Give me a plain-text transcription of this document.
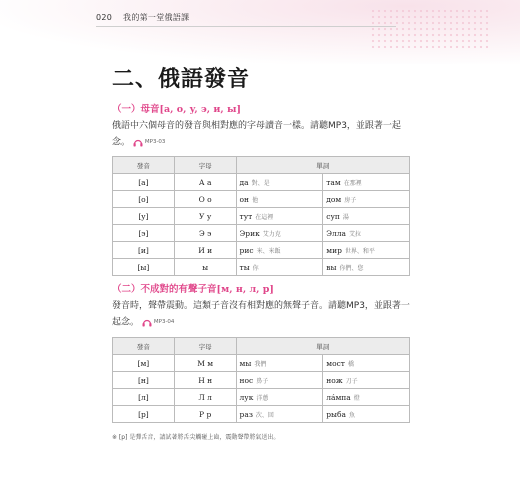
020 我的第一堂俄語課
二、俄語發音
（一）母音[a, o, y, э, и, ы]
俄語中六個母音的發音與相對應的字母讀音一樣。請聽MP3，並跟著一起
念。	MP3-03
發音	字母	單詞	
[a]	А а	да 對、是	там 在那裡
[o]	О о	он 他	дом 房子
[y]	У у	тут 在這裡	суп 湯
[э]	Э э	Эрик 艾力克	Элла 艾拉
[и]	И и	рис 米、米飯	мир 世界、和平
[ы]	ы	ты 你	вы 你們、您
（二）不成對的有聲子音[м, н, л, р]
發音時，聲帶震動。這類子音沒有相對應的無聲子音。請聽MP3，並跟著一
起念。	MP3-04
發音	字母	單詞	
[м]	М м	мы 我們	мост 橋
[н]	Н н	нос 鼻子	нож 刀子
[л]	Л л	лук 洋蔥	лáмпа 燈
[р]	Р р	раз 次、回	рыба 魚
※ [р] 是彈舌音，請試著將舌尖觸碰上齒，震動聲帶將氣送出。
